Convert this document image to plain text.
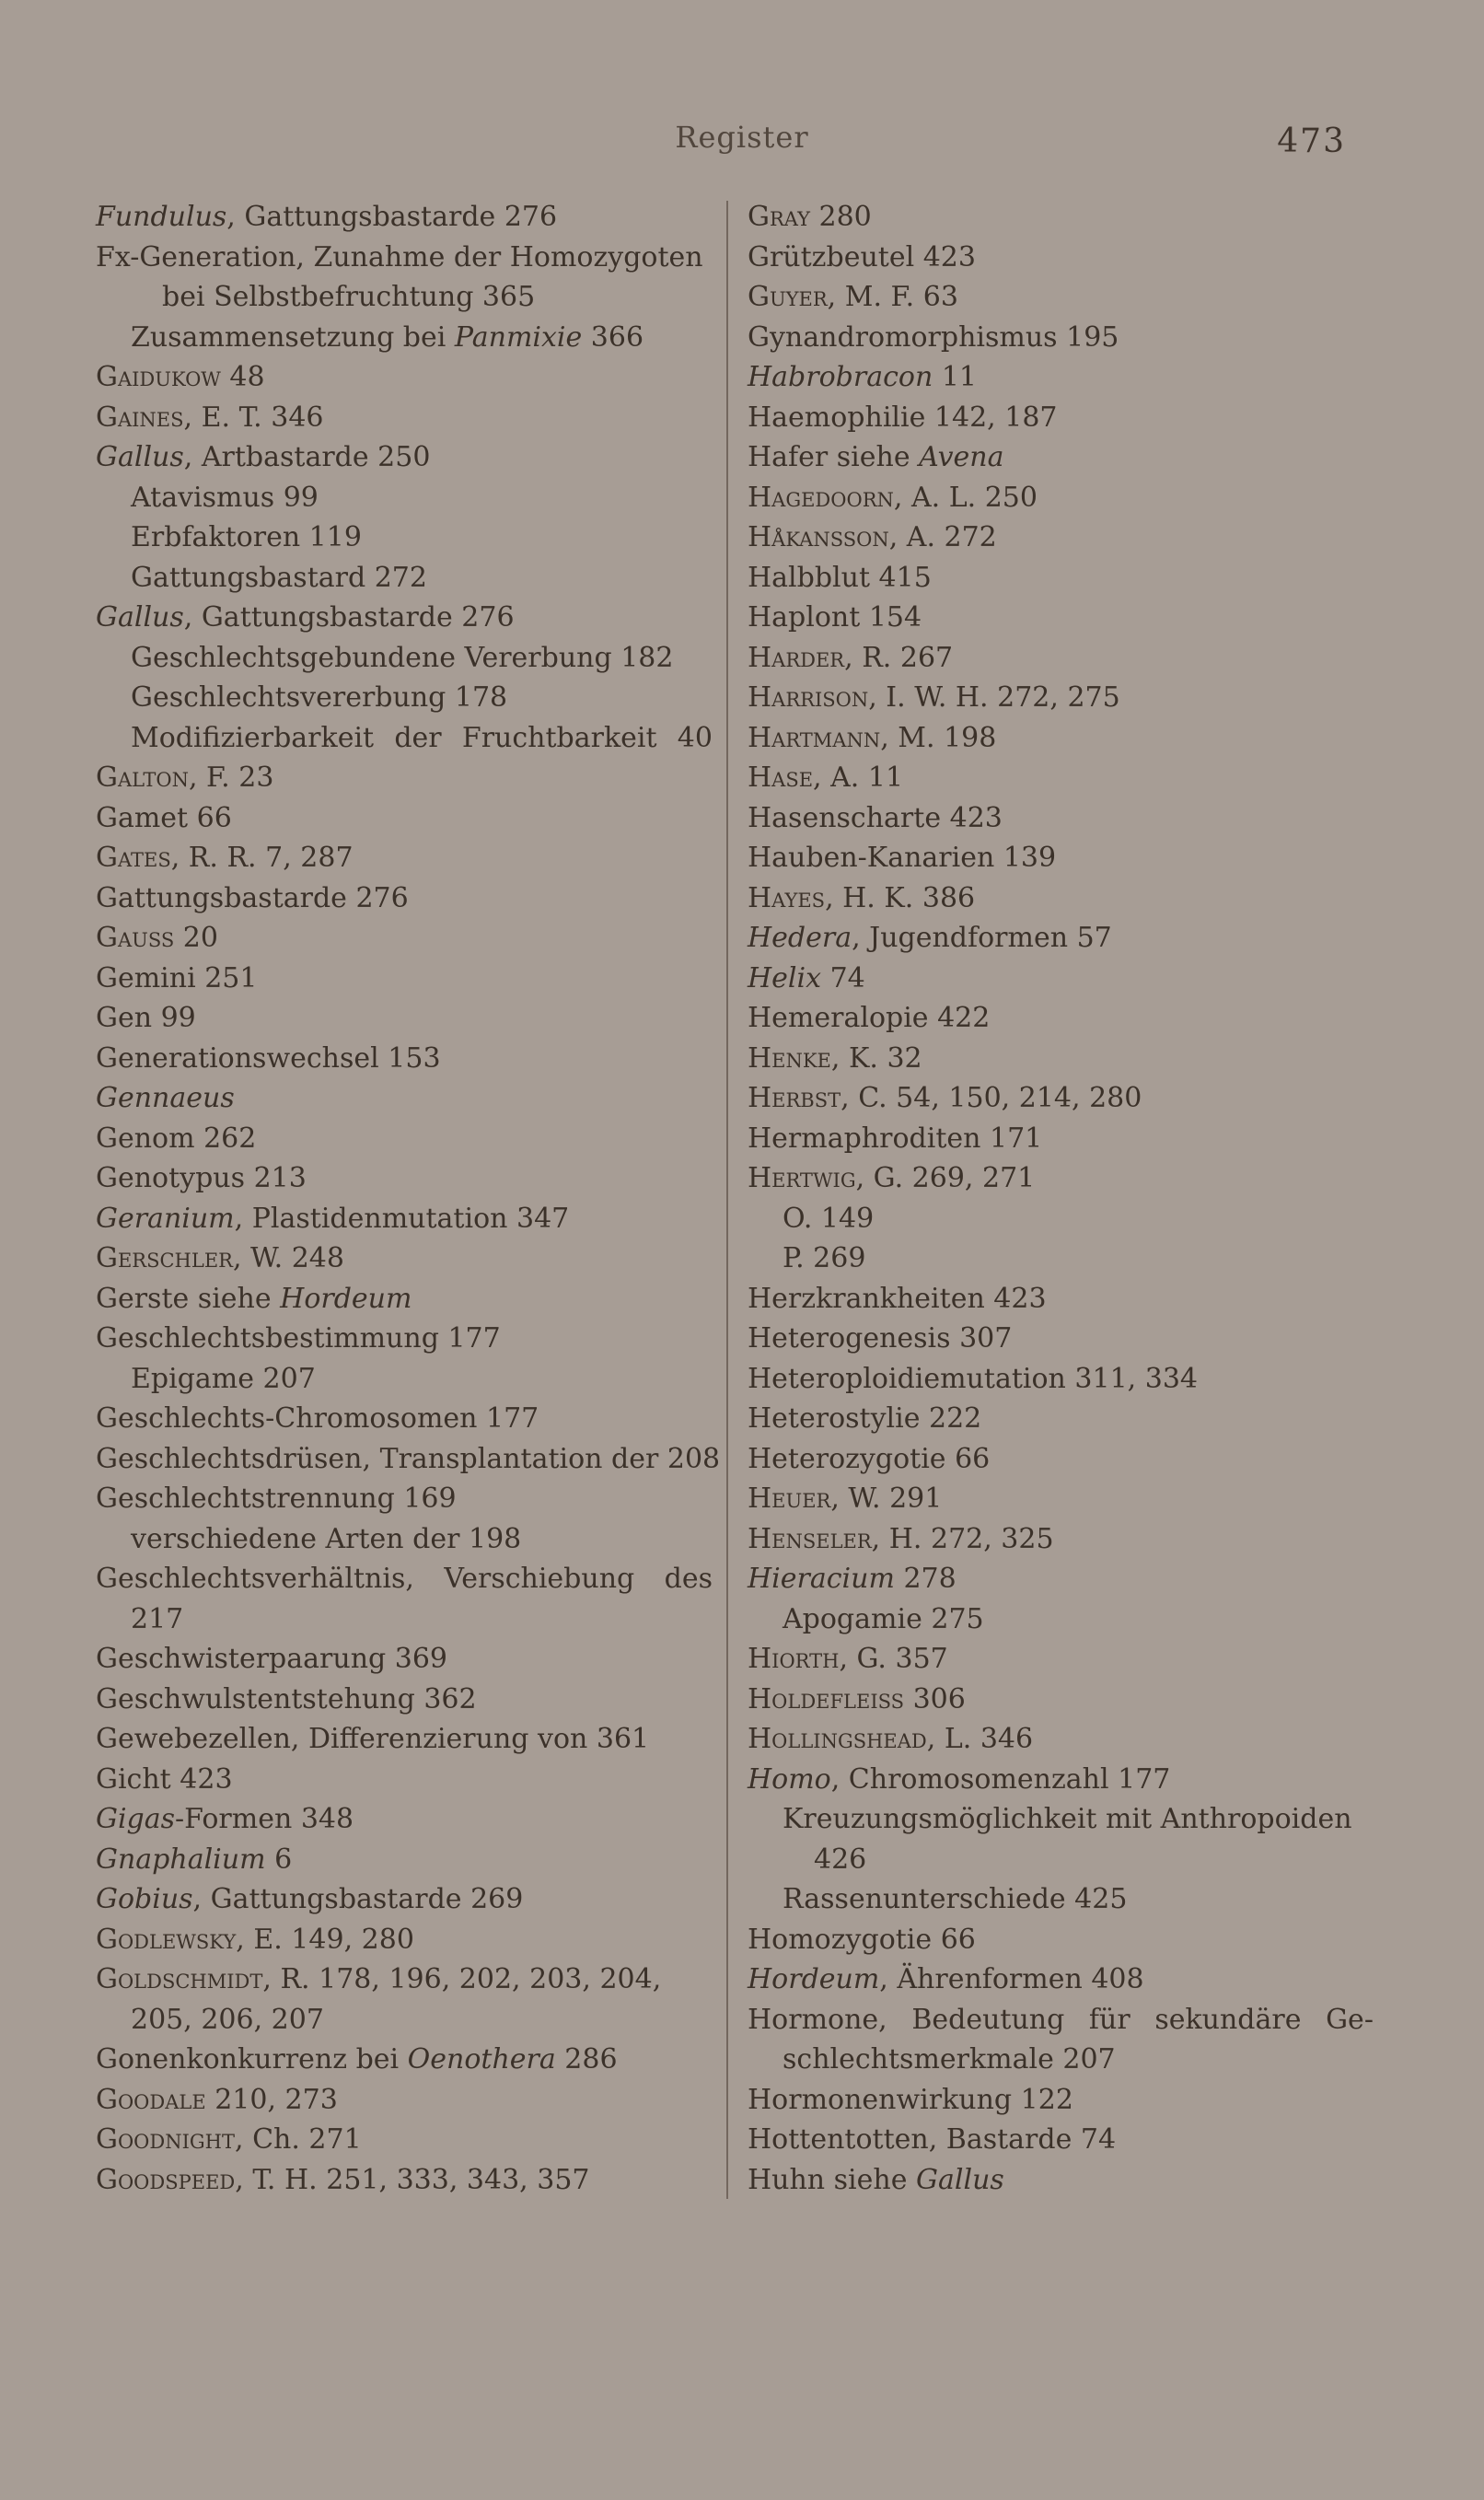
Register	473
Fundulus, Gattungsbastarde 276
Fx-Generation, Zunahme der Homozygoten
bei Selbstbefruchtung 365
Zusammensetzung bei Panmixie 366
Gaidukow 48
Gaines, E. T. 346
Gallus, Artbastarde 250
Atavismus 99
Erbfaktoren 119
Gattungsbastard 272
Gallus, Gattungsbastarde 276
Geschlechtsgebundene Vererbung 182
Geschlechtsvererbung 178
Modifizierbarkeit der Fruchtbarkeit 40
Galton, F. 23
Gamet 66
Gates, R. R. 7, 287
Gattungsbastarde 276
Gauss 20
Gemini 251
Gen 99
Generationswechsel 153
Gennaeus
Genom 262
Genotypus 213
Geranium, Plastidenmutation 347
Gerschler, W. 248
Gerste siehe Hordeum
Geschlechtsbestimmung 177
Epigame 207
Geschlechts-Chromosomen 177
Geschlechtsdrüsen, Transplantation der 208
Geschlechtstrennung 169
verschiedene Arten der 198
Geschlechtsverhältnis, Verschiebung des
217
Geschwisterpaarung 369
Geschwulstentstehung 362
Gewebezellen, Differenzierung von 361
Gicht 423
Gigas-Formen 348
Gnaphalium 6
Gobius, Gattungsbastarde 269
Godlewsky, E. 149, 280
Goldschmidt, R. 178, 196, 202, 203, 204,
205, 206, 207
Gonenkonkurrenz bei Oenothera 286
Goodale 210, 273
Goodnight, Ch. 271
Goodspeed, T. H. 251, 333, 343, 357
Gray 280
Grützbeutel 423
Guyer, M. F. 63
Gynandromorphismus 195
Habrobracon 11
Haemophilie 142, 187
Hafer siehe Avena
Hagedoorn, A. L. 250
Håkansson, A. 272
Halbblut 415
Haplont 154
Harder, R. 267
Harrison, I. W. H. 272, 275
Hartmann, M. 198
Hase, A. 11
Hasenscharte 423
Hauben-Kanarien 139
Hayes, H. K. 386
Hedera, Jugendformen 57
Helix 74
Hemeralopie 422
Henke, K. 32
Herbst, C. 54, 150, 214, 280
Hermaphroditen 171
Hertwig, G. 269, 271
O. 149
P. 269
Herzkrankheiten 423
Heterogenesis 307
Heteroploidiemutation 311, 334
Heterostylie 222
Heterozygotie 66
Heuer, W. 291
Henseler, H. 272, 325
Hieracium 278
Apogamie 275
Hiorth, G. 357
Holdefleiss 306
Hollingshead, L. 346
Homo, Chromosomenzahl 177
Kreuzungsmöglichkeit mit Anthropoiden
426
Rassenunterschiede 425
Homozygotie 66
Hordeum, Ährenformen 408
Hormone, Bedeutung für sekundäre Ge-
schlechtsmerkmale 207
Hormonenwirkung 122
Hottentotten, Bastarde 74
Huhn siehe Gallus
